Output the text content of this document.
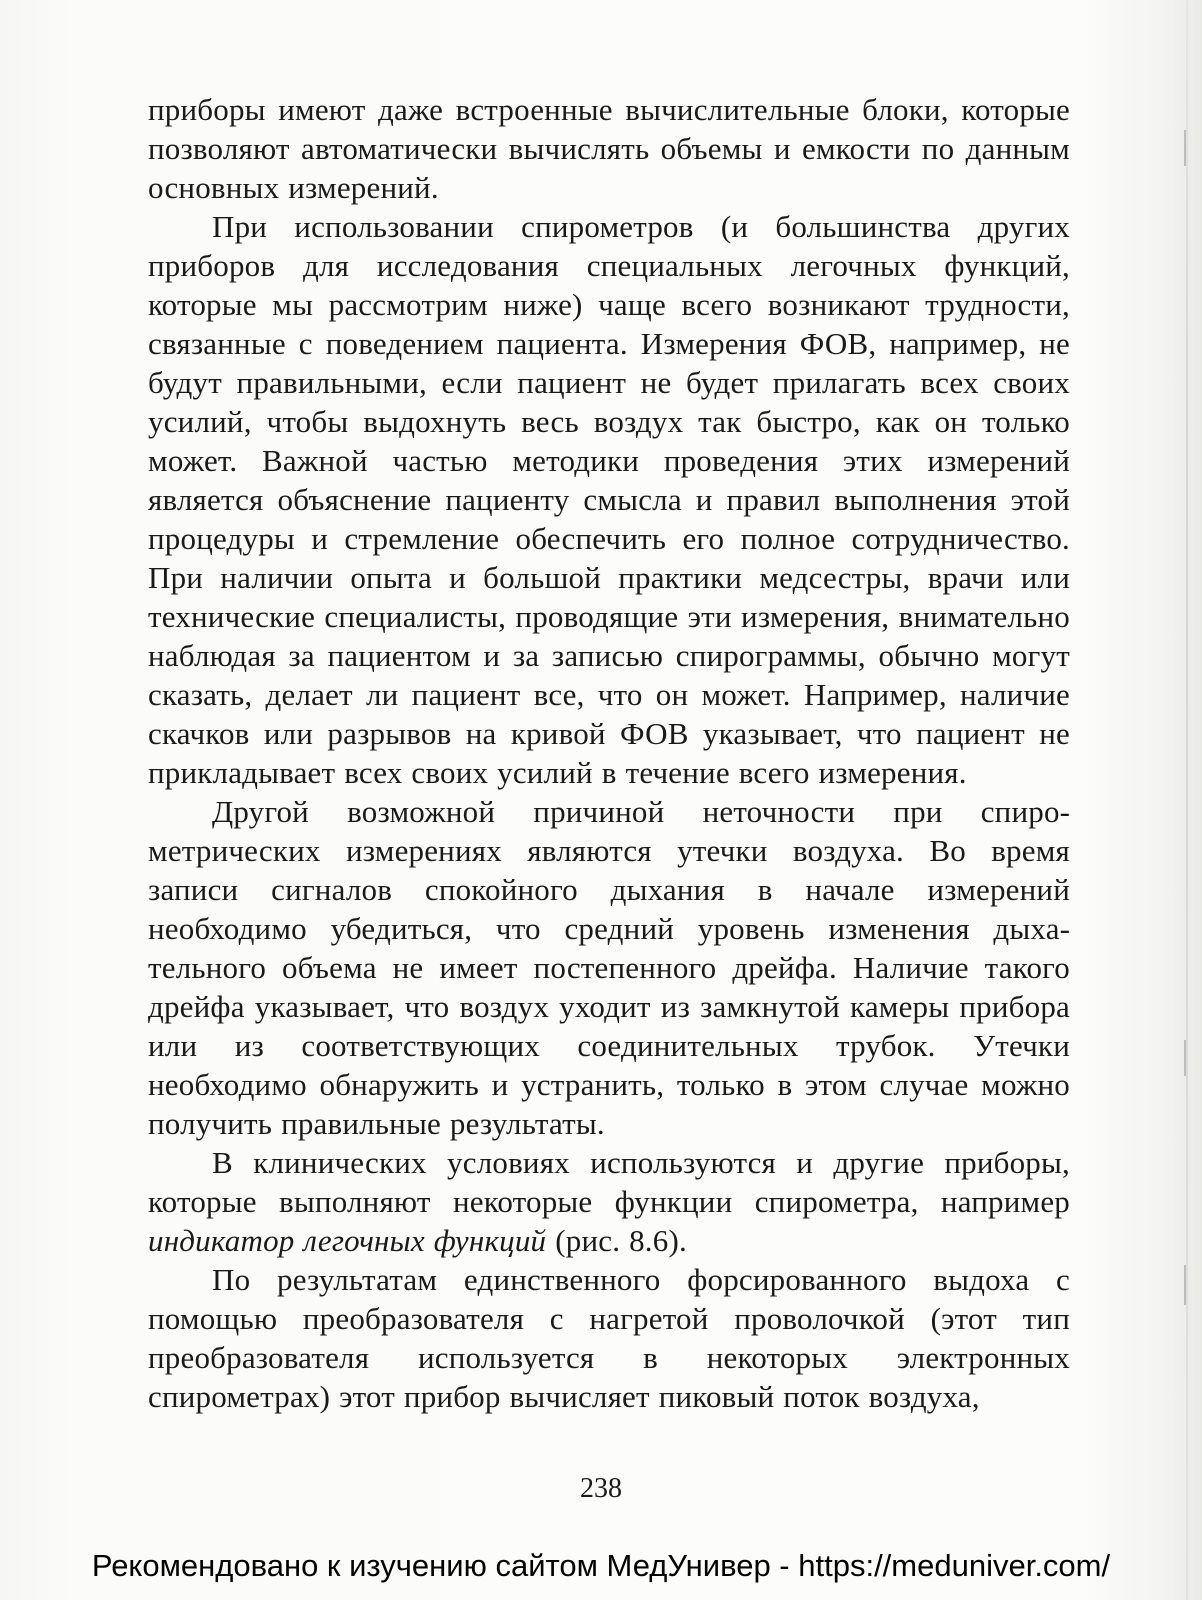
приборы имеют даже встроенные вычислительные блоки, которые позволяют автоматически вычислять объемы и емкости по данным основных измерений.

При использовании спирометров (и большинства других приборов для исследования специальных легочных функций, которые мы рассмотрим ниже) чаще всего возникают трудности, связанные с поведением пациента. Измерения ФОВ, например, не будут правильными, если пациент не будет прилагать всех своих усилий, чтобы выдохнуть весь воздух так быстро, как он только может. Важной частью методики проведения этих измерений является объяснение пациенту смысла и правил выполнения этой процедуры и стремление обеспечить его полное сотрудничество. При наличии опыта и большой практики медсестры, врачи или технические специалисты, проводящие эти измерения, внимательно наблюдая за пациентом и за записью спирограммы, обычно могут сказать, делает ли пациент все, что он может. Например, наличие скачков или разрывов на кривой ФОВ указывает, что пациент не прикладывает всех своих усилий в течение всего измерения.

Другой возможной причиной неточности при спирометрических измерениях являются утечки воздуха. Во время записи сигналов спокойного дыхания в начале измерений необходимо убедиться, что средний уровень изменения дыхательного объема не имеет постепенного дрейфа. Наличие такого дрейфа указывает, что воздух уходит из замкнутой камеры прибора или из соответствующих соединительных трубок. Утечки необходимо обнаружить и устранить, только в этом случае можно получить правильные результаты.

В клинических условиях используются и другие приборы, которые выполняют некоторые функции спирометра, например индикатор легочных функций (рис. 8.6).

По результатам единственного форсированного выдоха с помощью преобразователя с нагретой проволочкой (этот тип преобразователя используется в некоторых электронных спирометрах) этот прибор вычисляет пиковый поток воздуха,

238
Рекомендовано к изучению сайтом МедУнивер - https://meduniver.com/
